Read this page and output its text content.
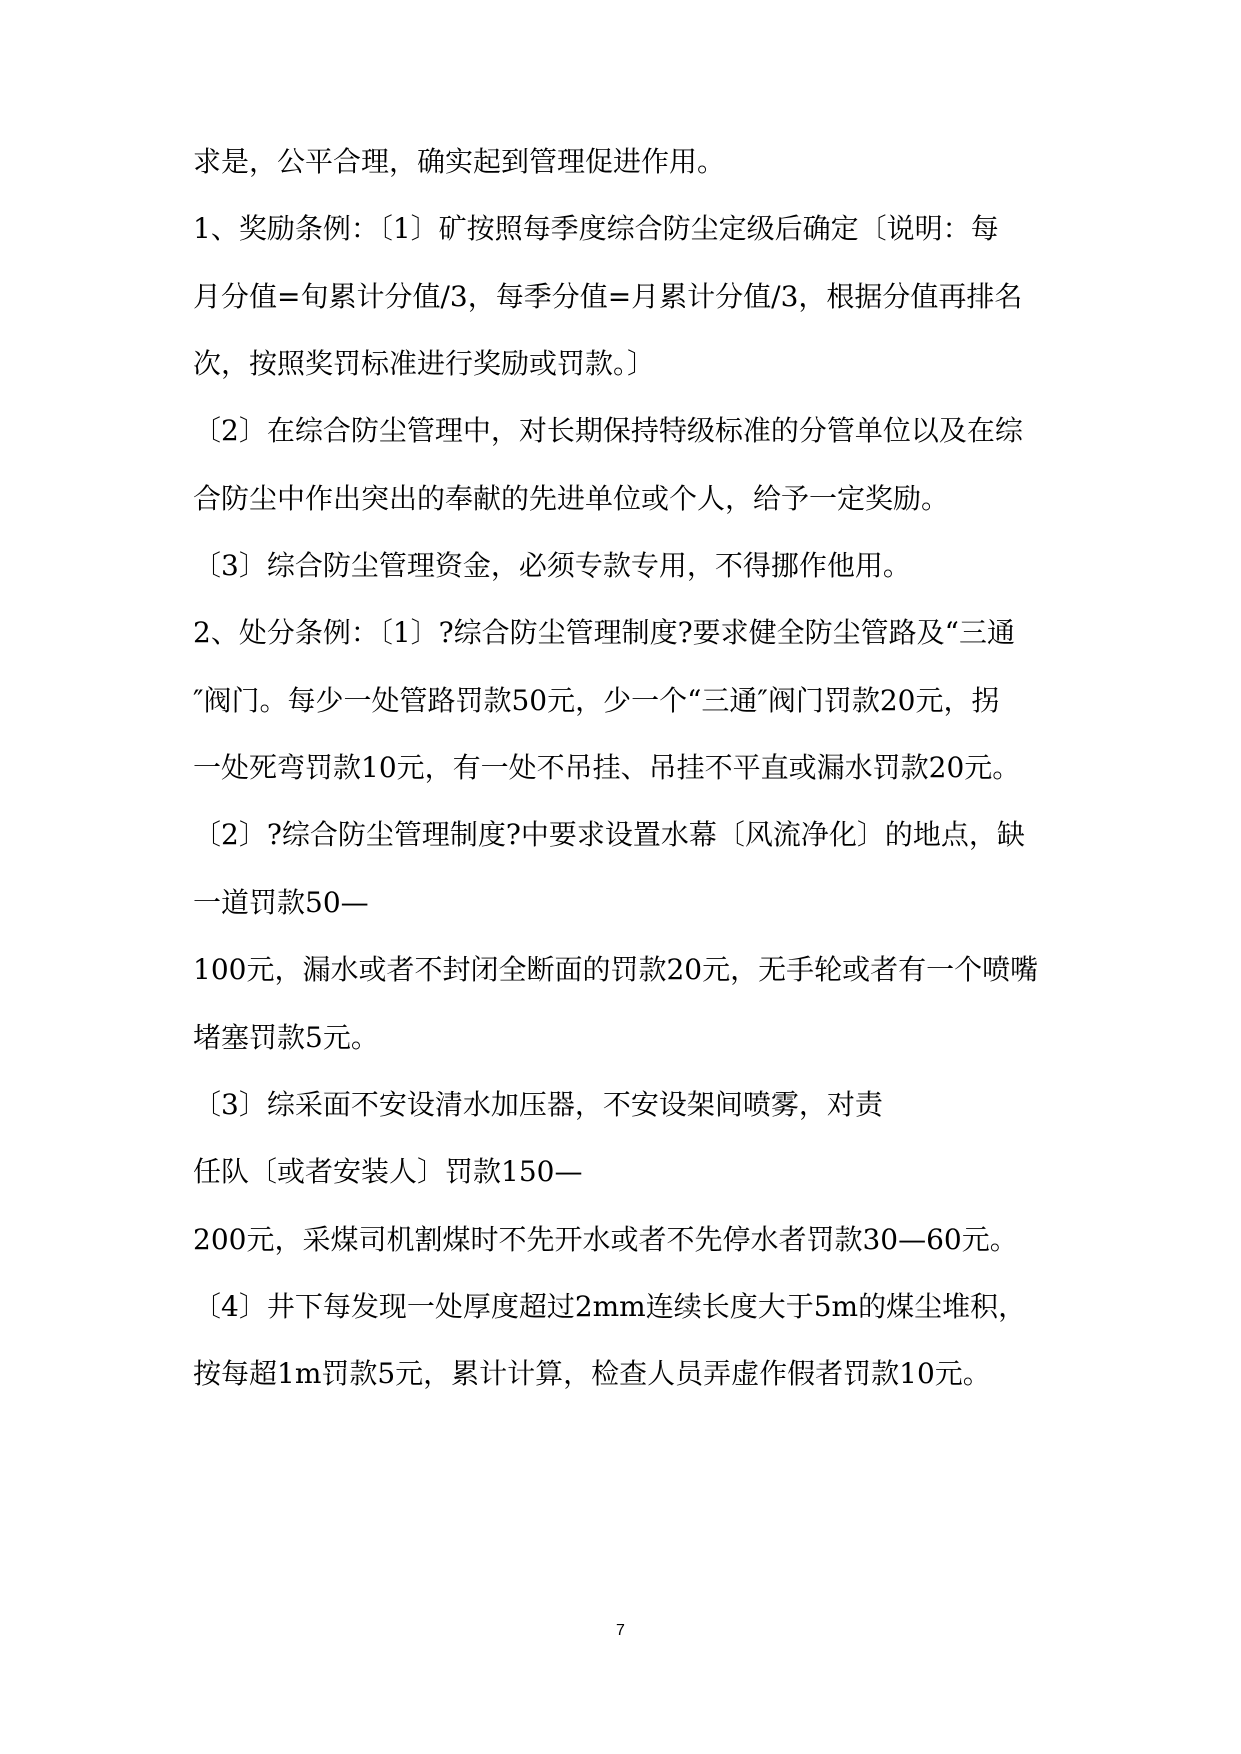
求是，公平合理，确实起到管理促进作用。

1、奖励条例：〔1〕矿按照每季度综合防尘定级后确定〔说明：每

月分值=旬累计分值/3，每季分值=月累计分值/3，根据分值再排名

次，按照奖罚标准进行奖励或罚款。〕

〔2〕在综合防尘管理中，对长期保持特级标准的分管单位以及在综

合防尘中作出突出的奉献的先进单位或个人，给予一定奖励。

〔3〕综合防尘管理资金，必须专款专用，不得挪作他用。

2、处分条例：〔1〕?综合防尘管理制度?要求健全防尘管路及“三通

″阀门。每少一处管路罚款50元，少一个“三通″阀门罚款20元，拐

一处死弯罚款10元，有一处不吊挂、吊挂不平直或漏水罚款20元。

〔2〕?综合防尘管理制度?中要求设置水幕〔风流净化〕的地点，缺

一道罚款50—

100元，漏水或者不封闭全断面的罚款20元，无手轮或者有一个喷嘴

堵塞罚款5元。

〔3〕综采面不安设清水加压器，不安设架间喷雾，对责

任队〔或者安装人〕罚款150—

200元，采煤司机割煤时不先开水或者不先停水者罚款30—60元。

〔4〕井下每发现一处厚度超过2mm连续长度大于5m的煤尘堆积，

按每超1m罚款5元，累计计算，检查人员弄虚作假者罚款10元。

7
